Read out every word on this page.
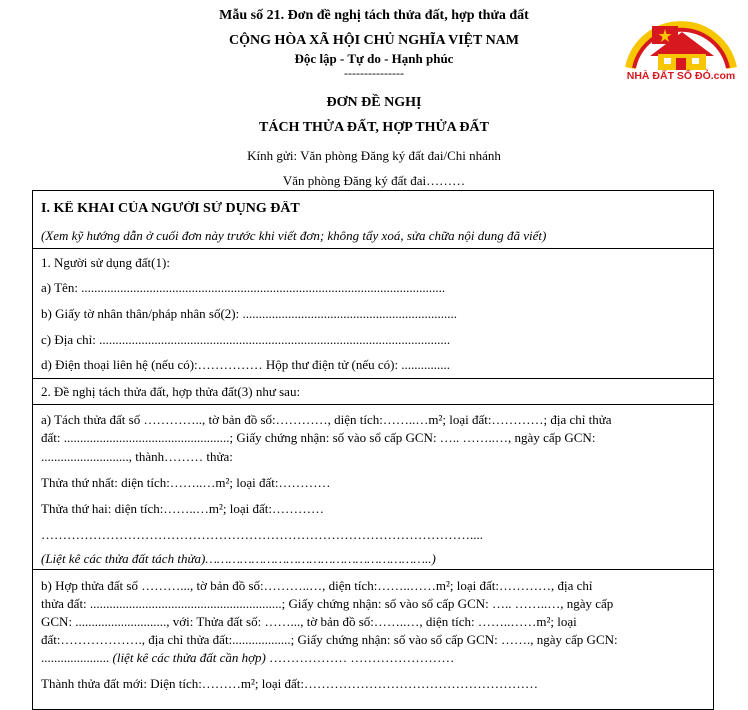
Mẫu số 21. Đơn đề nghị tách thửa đất, hợp thửa đất
CỘNG HÒA XÃ HỘI CHỦ NGHĨA VIỆT NAM
Độc lập - Tự do - Hạnh phúc
---------------
ĐƠN ĐỀ NGHỊ
TÁCH THỬA ĐẤT, HỢP THỬA ĐẤT
Kính gửi: Văn phòng Đăng ký đất đai/Chi nhánh
Văn phòng Đăng ký đất đai………
NHÀ ĐẤT SỔ ĐỎ.com
I. KÊ KHAI CỦA NGƯỜI SỬ DỤNG ĐẤT
(Xem kỹ hướng dẫn ở cuối đơn này trước khi viết đơn; không tẩy xoá, sửa chữa nội dung đã viết)
1. Người sử dụng đất(1):
a) Tên: ................................................................................................................
b) Giấy tờ nhân thân/pháp nhân số(2): ..................................................................
c) Địa chỉ: ............................................................................................................
d) Điện thoại liên hệ (nếu có):…………… Hộp thư điện tử (nếu có): ...............
2. Đề nghị tách thửa đất, hợp thửa đất(3) như sau:
a) Tách thửa đất số ………….., tờ bản đồ số:…………, diện tích:……..…m²; loại đất:…………; địa chỉ thửa
đất: ...................................................; Giấy chứng nhận: số vào sổ cấp GCN: ….. ……..…, ngày cấp GCN:
..........................., thành……… thửa:
Thửa thứ nhất: diện tích:……..…m²; loại đất:…………
Thửa thứ hai: diện tích:……..…m²; loại đất:…………
………………………………………………………………………………………....
(Liệt kê các thửa đất tách thửa)…………………………………………………..)
b) Hợp thửa đất số ………..., tờ bản đồ số:………..…, diện tích:……..……m²; loại đất:…………, địa chỉ
thửa đất: ...........................................................; Giấy chứng nhận: số vào sổ cấp GCN: ….. ……..…, ngày cấp
GCN: ............................, với: Thửa đất số: ……..., tờ bản đồ số:……..…, diện tích: ……..……m²; loại
đất:………………., địa chỉ thửa đất:..................; Giấy chứng nhận: số vào sổ cấp GCN: ……., ngày cấp GCN:
..................... (liệt kê các thửa đất cần hợp) ……………… ……………………
Thành thửa đất mới: Diện tích:………m²; loại đất:………………………………………………
